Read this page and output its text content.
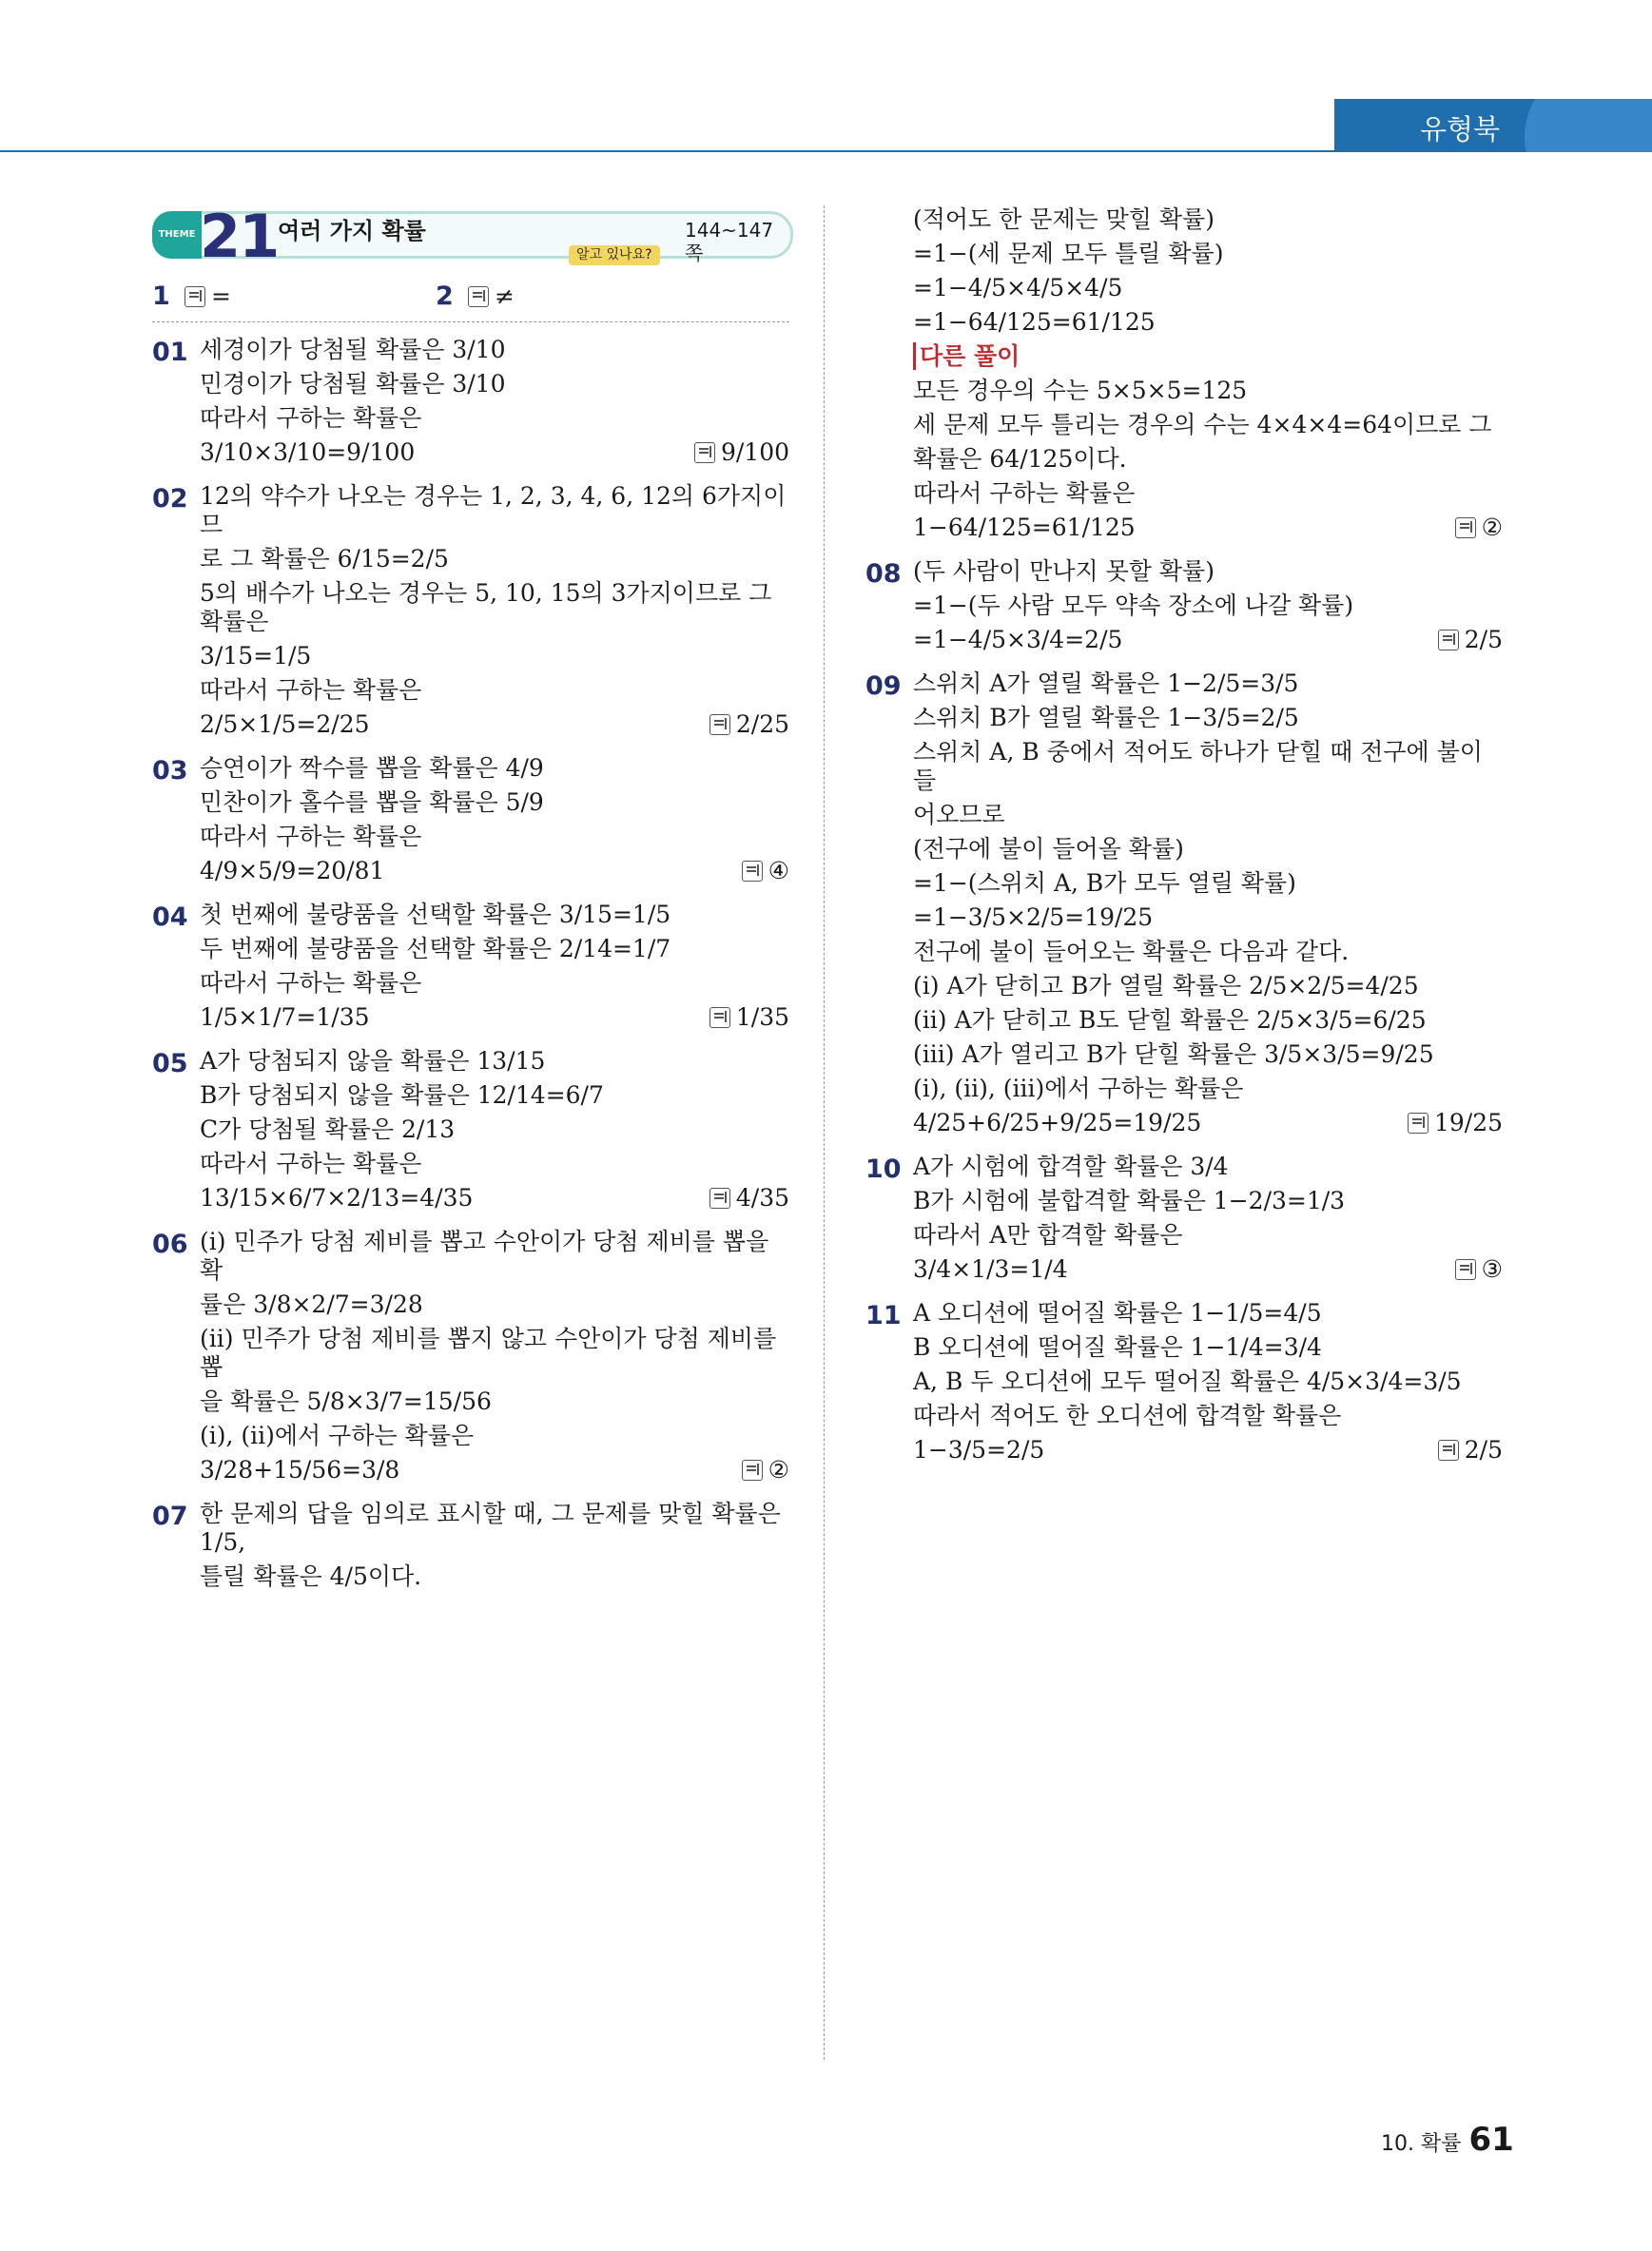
유형북
THEME 21 여러 가지 확률	144~147쪽
알고 있나요?
1	=	2	≠
01 세경이가 당첨될 확률은 3/10
민경이가 당첨될 확률은 3/10
따라서 구하는 확률은
3/10×3/10=9/100	9/100
02 12의 약수가 나오는 경우는 1, 2, 3, 4, 6, 12의 6가지이므
로 그 확률은 6/15=2/5
5의 배수가 나오는 경우는 5, 10, 15의 3가지이므로 그 확률은
3/15=1/5
따라서 구하는 확률은
2/5×1/5=2/25	2/25
03 승연이가 짝수를 뽑을 확률은 4/9
민찬이가 홀수를 뽑을 확률은 5/9
따라서 구하는 확률은
4/9×5/9=20/81	④
04 첫 번째에 불량품을 선택할 확률은 3/15=1/5
두 번째에 불량품을 선택할 확률은 2/14=1/7
따라서 구하는 확률은
1/5×1/7=1/35	1/35
05 A가 당첨되지 않을 확률은 13/15
B가 당첨되지 않을 확률은 12/14=6/7
C가 당첨될 확률은 2/13
따라서 구하는 확률은
13/15×6/7×2/13=4/35	4/35
06 (ⅰ) 민주가 당첨 제비를 뽑고 수안이가 당첨 제비를 뽑을 확
률은 3/8×2/7=3/28
(ⅱ) 민주가 당첨 제비를 뽑지 않고 수안이가 당첨 제비를 뽑
을 확률은 5/8×3/7=15/56
(ⅰ), (ⅱ)에서 구하는 확률은
3/28+15/56=3/8	②
07 한 문제의 답을 임의로 표시할 때, 그 문제를 맞힐 확률은 1/5,
틀릴 확률은 4/5이다.
(적어도 한 문제는 맞힐 확률)
=1−(세 문제 모두 틀릴 확률)
=1−4/5×4/5×4/5
=1−64/125=61/125
다른 풀이
모든 경우의 수는 5×5×5=125
세 문제 모두 틀리는 경우의 수는 4×4×4=64이므로 그
확률은 64/125이다.
따라서 구하는 확률은
1−64/125=61/125	②
08 (두 사람이 만나지 못할 확률)
=1−(두 사람 모두 약속 장소에 나갈 확률)
=1−4/5×3/4=2/5	2/5
09 스위치 A가 열릴 확률은 1−2/5=3/5
스위치 B가 열릴 확률은 1−3/5=2/5
스위치 A, B 중에서 적어도 하나가 닫힐 때 전구에 불이 들
어오므로
(전구에 불이 들어올 확률)
=1−(스위치 A, B가 모두 열릴 확률)
=1−3/5×2/5=19/25
전구에 불이 들어오는 확률은 다음과 같다.
(ⅰ) A가 닫히고 B가 열릴 확률은 2/5×2/5=4/25
(ⅱ) A가 닫히고 B도 닫힐 확률은 2/5×3/5=6/25
(ⅲ) A가 열리고 B가 닫힐 확률은 3/5×3/5=9/25
(ⅰ), (ⅱ), (ⅲ)에서 구하는 확률은
4/25+6/25+9/25=19/25	19/25
10 A가 시험에 합격할 확률은 3/4
B가 시험에 불합격할 확률은 1−2/3=1/3
따라서 A만 합격할 확률은
3/4×1/3=1/4	③
11 A 오디션에 떨어질 확률은 1−1/5=4/5
B 오디션에 떨어질 확률은 1−1/4=3/4
A, B 두 오디션에 모두 떨어질 확률은 4/5×3/4=3/5
따라서 적어도 한 오디션에 합격할 확률은
1−3/5=2/5	2/5
10. 확률 61
